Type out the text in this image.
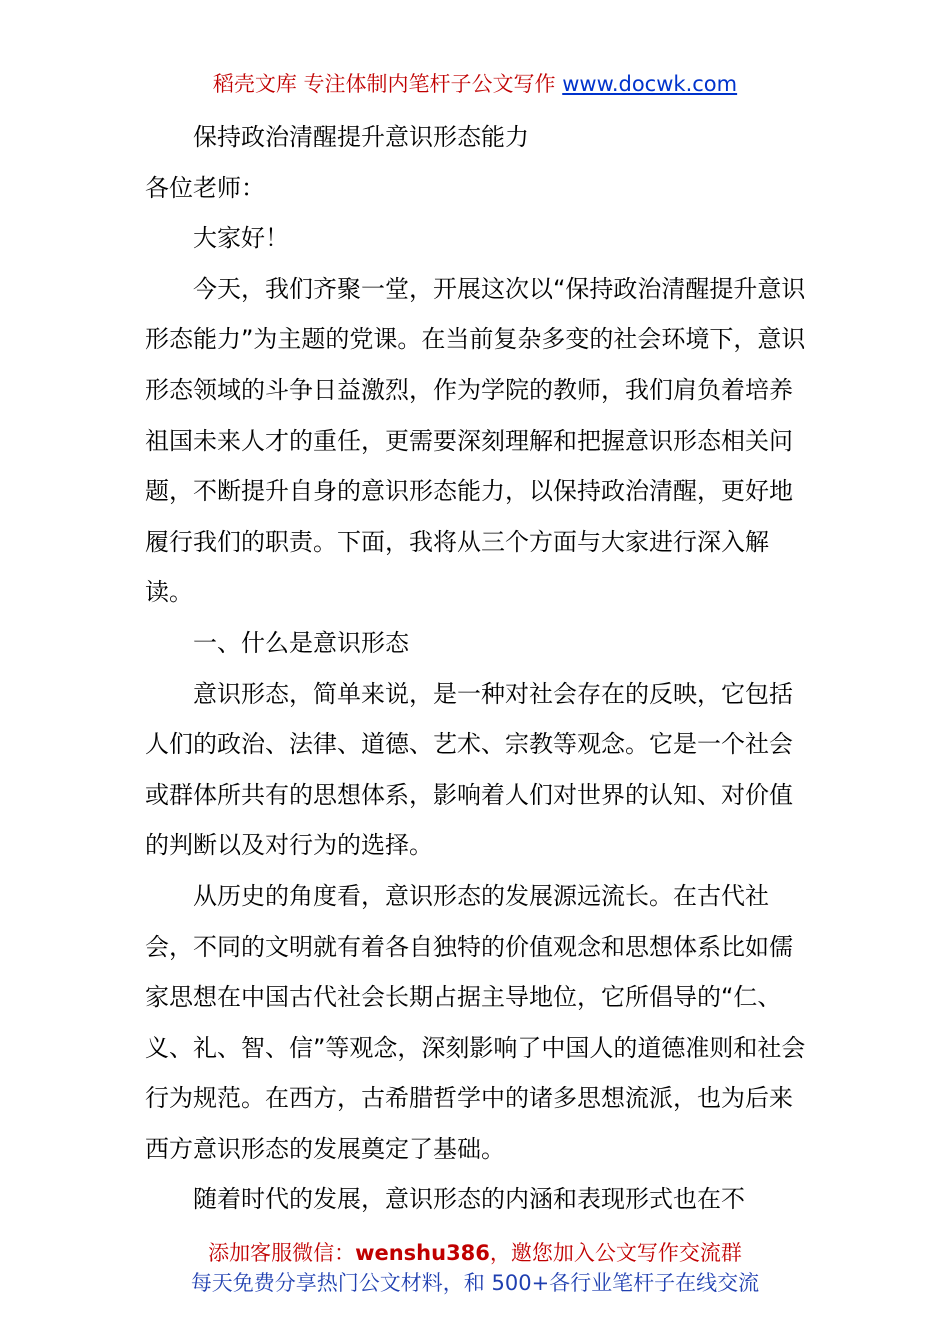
稻壳文库 专注体制内笔杆子公文写作 www.docwk.com

保持政治清醒提升意识形态能力

各位老师：

大家好！

今天，我们齐聚一堂，开展这次以“保持政治清醒提升意识形态能力”为主题的党课。在当前复杂多变的社会环境下，意识形态领域的斗争日益激烈，作为学院的教师，我们肩负着培养祖国未来人才的重任，更需要深刻理解和把握意识形态相关问题，不断提升自身的意识形态能力，以保持政治清醒，更好地履行我们的职责。下面，我将从三个方面与大家进行深入解读。

一、什么是意识形态

意识形态，简单来说，是一种对社会存在的反映，它包括人们的政治、法律、道德、艺术、宗教等观念。它是一个社会或群体所共有的思想体系，影响着人们对世界的认知、对价值的判断以及对行为的选择。

从历史的角度看，意识形态的发展源远流长。在古代社会，不同的文明就有着各自独特的价值观念和思想体系比如儒家思想在中国古代社会长期占据主导地位，它所倡导的“仁、义、礼、智、信”等观念，深刻影响了中国人的道德准则和社会行为规范。在西方，古希腊哲学中的诸多思想流派，也为后来西方意识形态的发展奠定了基础。

随着时代的发展，意识形态的内涵和表现形式也在不

添加客服微信：wenshu386，邀您加入公文写作交流群
每天免费分享热门公文材料，和 500+各行业笔杆子在线交流
